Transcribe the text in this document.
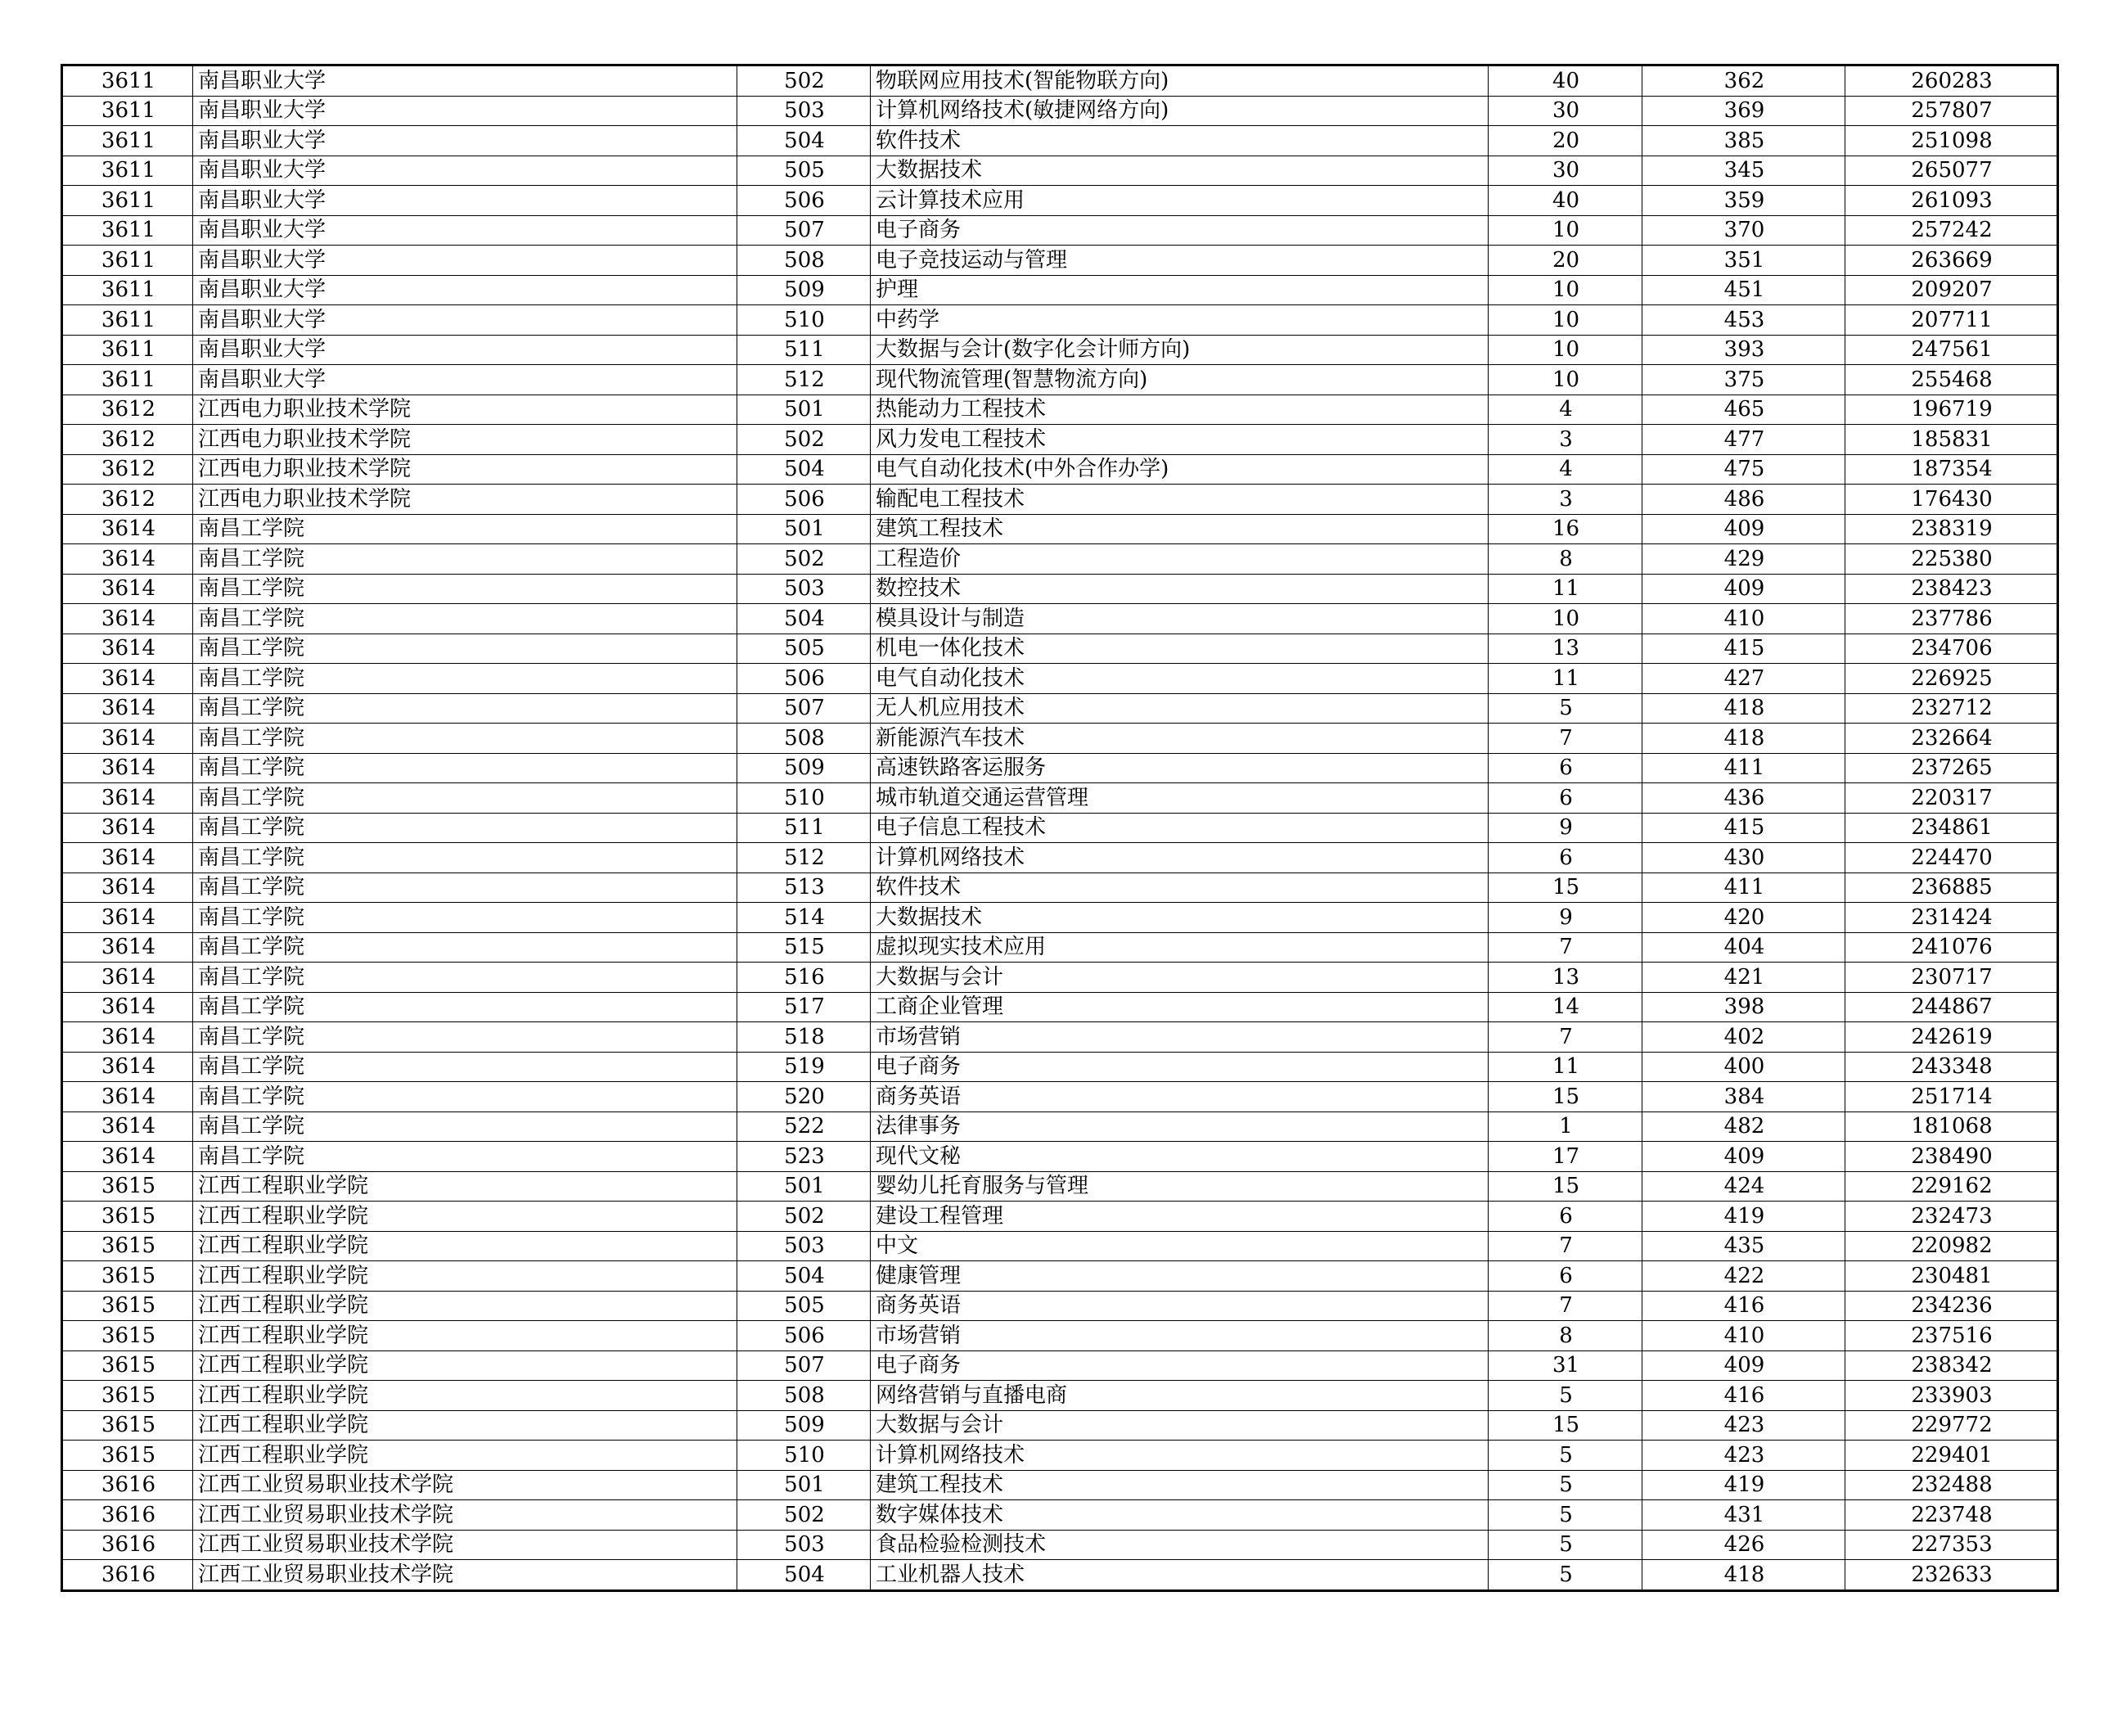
3611	南昌职业大学	502	物联网应用技术(智能物联方向)	40	362	260283
3611	南昌职业大学	503	计算机网络技术(敏捷网络方向)	30	369	257807
3611	南昌职业大学	504	软件技术	20	385	251098
3611	南昌职业大学	505	大数据技术	30	345	265077
3611	南昌职业大学	506	云计算技术应用	40	359	261093
3611	南昌职业大学	507	电子商务	10	370	257242
3611	南昌职业大学	508	电子竞技运动与管理	20	351	263669
3611	南昌职业大学	509	护理	10	451	209207
3611	南昌职业大学	510	中药学	10	453	207711
3611	南昌职业大学	511	大数据与会计(数字化会计师方向)	10	393	247561
3611	南昌职业大学	512	现代物流管理(智慧物流方向)	10	375	255468
3612	江西电力职业技术学院	501	热能动力工程技术	4	465	196719
3612	江西电力职业技术学院	502	风力发电工程技术	3	477	185831
3612	江西电力职业技术学院	504	电气自动化技术(中外合作办学)	4	475	187354
3612	江西电力职业技术学院	506	输配电工程技术	3	486	176430
3614	南昌工学院	501	建筑工程技术	16	409	238319
3614	南昌工学院	502	工程造价	8	429	225380
3614	南昌工学院	503	数控技术	11	409	238423
3614	南昌工学院	504	模具设计与制造	10	410	237786
3614	南昌工学院	505	机电一体化技术	13	415	234706
3614	南昌工学院	506	电气自动化技术	11	427	226925
3614	南昌工学院	507	无人机应用技术	5	418	232712
3614	南昌工学院	508	新能源汽车技术	7	418	232664
3614	南昌工学院	509	高速铁路客运服务	6	411	237265
3614	南昌工学院	510	城市轨道交通运营管理	6	436	220317
3614	南昌工学院	511	电子信息工程技术	9	415	234861
3614	南昌工学院	512	计算机网络技术	6	430	224470
3614	南昌工学院	513	软件技术	15	411	236885
3614	南昌工学院	514	大数据技术	9	420	231424
3614	南昌工学院	515	虚拟现实技术应用	7	404	241076
3614	南昌工学院	516	大数据与会计	13	421	230717
3614	南昌工学院	517	工商企业管理	14	398	244867
3614	南昌工学院	518	市场营销	7	402	242619
3614	南昌工学院	519	电子商务	11	400	243348
3614	南昌工学院	520	商务英语	15	384	251714
3614	南昌工学院	522	法律事务	1	482	181068
3614	南昌工学院	523	现代文秘	17	409	238490
3615	江西工程职业学院	501	婴幼儿托育服务与管理	15	424	229162
3615	江西工程职业学院	502	建设工程管理	6	419	232473
3615	江西工程职业学院	503	中文	7	435	220982
3615	江西工程职业学院	504	健康管理	6	422	230481
3615	江西工程职业学院	505	商务英语	7	416	234236
3615	江西工程职业学院	506	市场营销	8	410	237516
3615	江西工程职业学院	507	电子商务	31	409	238342
3615	江西工程职业学院	508	网络营销与直播电商	5	416	233903
3615	江西工程职业学院	509	大数据与会计	15	423	229772
3615	江西工程职业学院	510	计算机网络技术	5	423	229401
3616	江西工业贸易职业技术学院	501	建筑工程技术	5	419	232488
3616	江西工业贸易职业技术学院	502	数字媒体技术	5	431	223748
3616	江西工业贸易职业技术学院	503	食品检验检测技术	5	426	227353
3616	江西工业贸易职业技术学院	504	工业机器人技术	5	418	232633
